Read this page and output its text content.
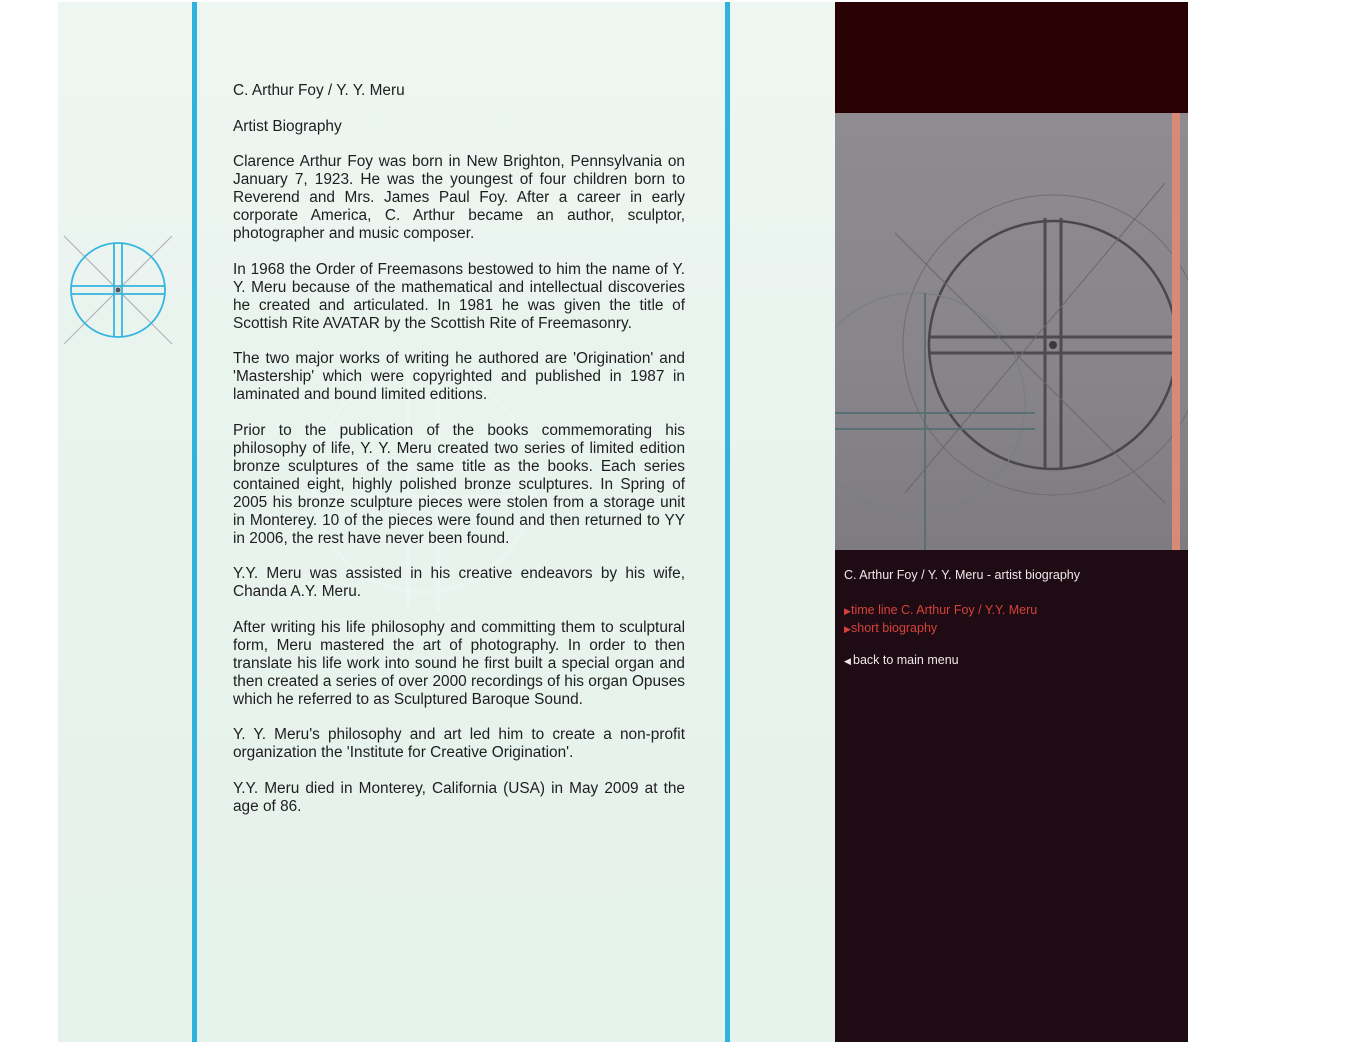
C. Arthur Foy / Y. Y. Meru

Artist Biography

Clarence Arthur Foy was born in New Brighton, Pennsylvania on January 7, 1923. He was the youngest of four children born to Reverend and Mrs. James Paul Foy. After a career in early corporate America, C. Arthur became an author, sculptor, photographer and music composer.

In 1968 the Order of Freemasons bestowed to him the name of Y. Y. Meru because of the mathematical and intellectual discoveries he created and articulated. In 1981 he was given the title of Scottish Rite AVATAR by the Scottish Rite of Freemasonry.

The two major works of writing he authored are 'Origination' and 'Mastership' which were copyrighted and published in 1987 in laminated and bound limited editions.

Prior to the publication of the books commemorating his philosophy of life, Y. Y. Meru created two series of limited edition bronze sculptures of the same title as the books. Each series contained eight, highly polished bronze sculptures. In Spring of 2005 his bronze sculpture pieces were stolen from a storage unit in Monterey. 10 of the pieces were found and then returned to YY in 2006, the rest have never been found.

Y.Y. Meru was assisted in his creative endeavors by his wife, Chanda A.Y. Meru.

After writing his life philosophy and committing them to sculptural form, Meru mastered the art of photography. In order to then translate his life work into sound he first built a special organ and then created a series of over 2000 recordings of his organ Opuses which he referred to as Sculptured Baroque Sound.

Y. Y. Meru's philosophy and art led him to create a non-profit organization the 'Institute for Creative Origination'.

Y.Y. Meru died in Monterey, California (USA) in May 2009 at the age of 86.

C. Arthur Foy / Y. Y. Meru - artist biography
▶time line C. Arthur Foy / Y.Y. Meru
▶short biography
◀ back to main menu
